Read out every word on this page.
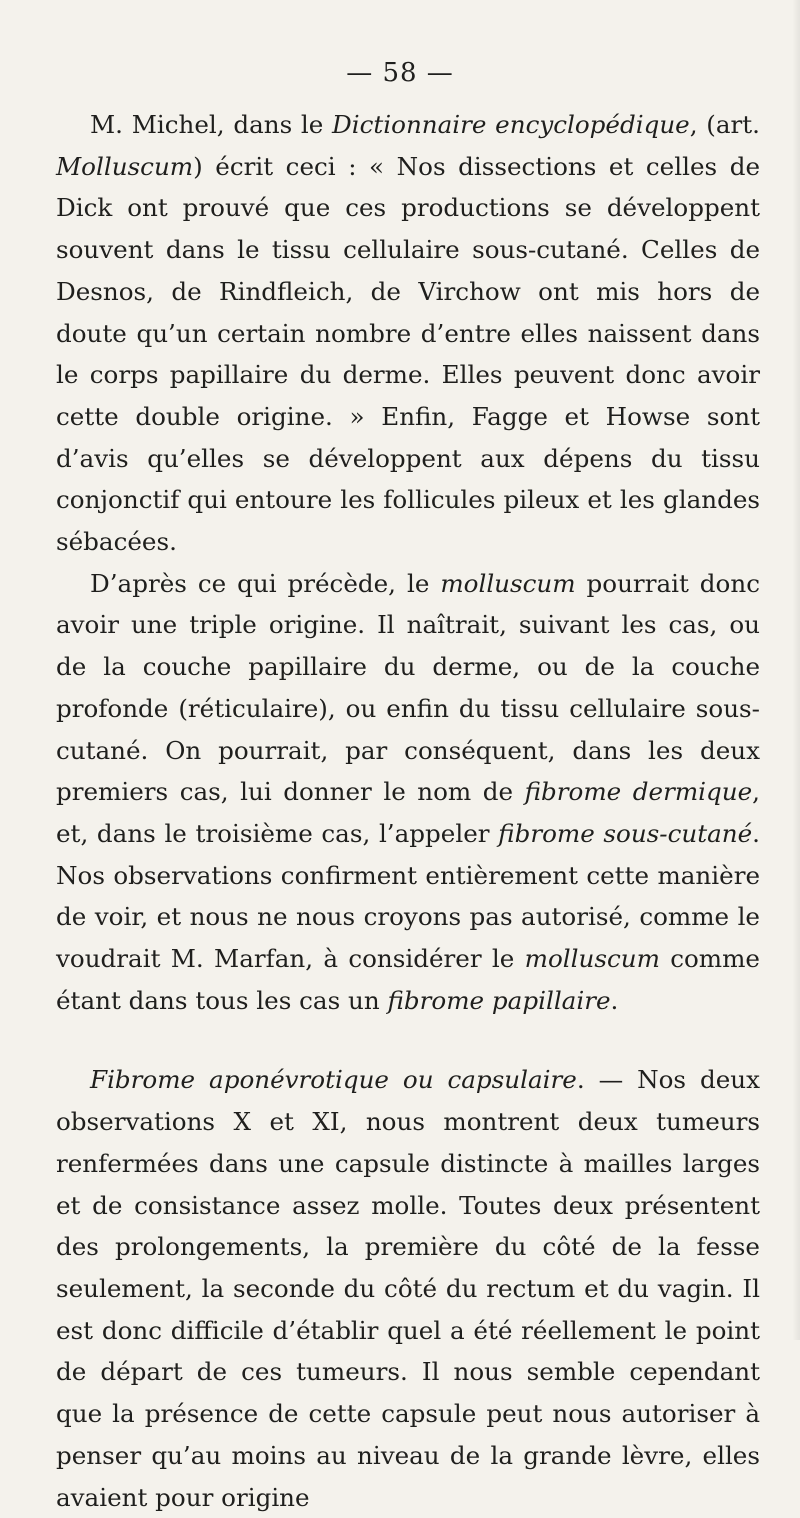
— 58 —

M. Michel, dans le Dictionnaire encyclopédique, (art. Molluscum) écrit ceci : « Nos dissections et celles de Dick ont prouvé que ces productions se développent souvent dans le tissu cellulaire sous-cutané. Celles de Desnos, de Rindfleich, de Virchow ont mis hors de doute qu’un certain nombre d’entre elles naissent dans le corps papillaire du derme. Elles peuvent donc avoir cette double origine. » Enfin, Fagge et Howse sont d’avis qu’elles se développent aux dépens du tissu conjonctif qui entoure les follicules pileux et les glandes sébacées.

D’après ce qui précède, le molluscum pourrait donc avoir une triple origine. Il naîtrait, suivant les cas, ou de la couche papillaire du derme, ou de la couche profonde (réticulaire), ou enfin du tissu cellulaire sous-cutané. On pourrait, par conséquent, dans les deux premiers cas, lui donner le nom de fibrome dermique, et, dans le troisième cas, l’appeler fibrome sous-cutané. Nos observations confirment entièrement cette manière de voir, et nous ne nous croyons pas autorisé, comme le voudrait M. Marfan, à considérer le molluscum comme étant dans tous les cas un fibrome papillaire.

Fibrome aponévrotique ou capsulaire. — Nos deux observations X et XI, nous montrent deux tumeurs renfermées dans une capsule distincte à mailles larges et de consistance assez molle. Toutes deux présentent des prolongements, la première du côté de la fesse seulement, la seconde du côté du rectum et du vagin. Il est donc difficile d’établir quel a été réellement le point de départ de ces tumeurs. Il nous semble cependant que la présence de cette capsule peut nous autoriser à penser qu’au moins au niveau de la grande lèvre, elles avaient pour origine
